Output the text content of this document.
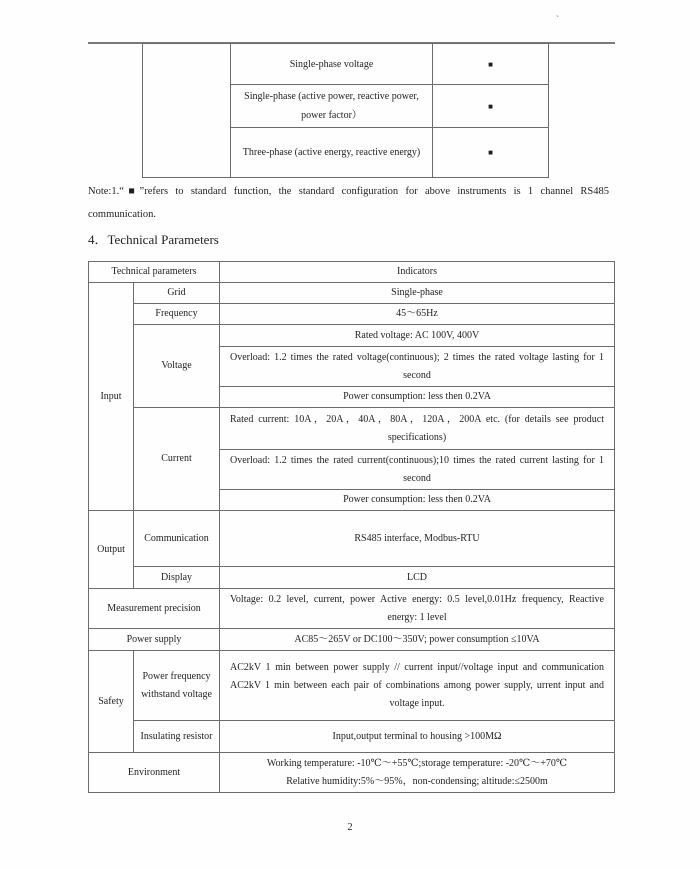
`
	Single-phase voltage	■
	Single-phase (active power, reactive power, power factor）	■
	Three-phase (active energy, reactive energy)	■

Note:1.“■”refers to standard function, the standard configuration for above instruments is 1 channel RS485 communication.

4．Technical Parameters
Technical parameters		Indicators
Input	Grid	Single-phase
	Frequency	45～65Hz
	Voltage	Rated voltage: AC 100V, 400V
		Overload: 1.2 times the rated voltage(continuous); 2 times the rated voltage lasting for 1 second
		Power consumption: less then 0.2VA
	Current	Rated current: 10A，20A，40A，80A，120A，200A etc. (for details see product specifications)
		Overload: 1.2 times the rated current(continuous);10 times the rated current lasting for 1 second
		Power consumption: less then 0.2VA
Output	Communication	RS485 interface, Modbus-RTU
	Display	LCD
Measurement precision		Voltage: 0.2 level, current, power Active energy: 0.5 level,0.01Hz frequency, Reactive energy: 1 level
Power supply		AC85～265V or DC100～350V; power consumption ≤10VA
Safety	Power frequency withstand voltage	AC2kV 1 min between power supply // current input//voltage input and communication AC2kV 1 min between each pair of combinations among power supply, urrent input and voltage input.
	Insulating resistor	Input,output terminal to housing >100MΩ
Environment		Working temperature: -10℃～+55℃;storage temperature: -20℃～+70℃
Relative humidity:5%～95%，non-condensing; altitude:≤2500m
2
